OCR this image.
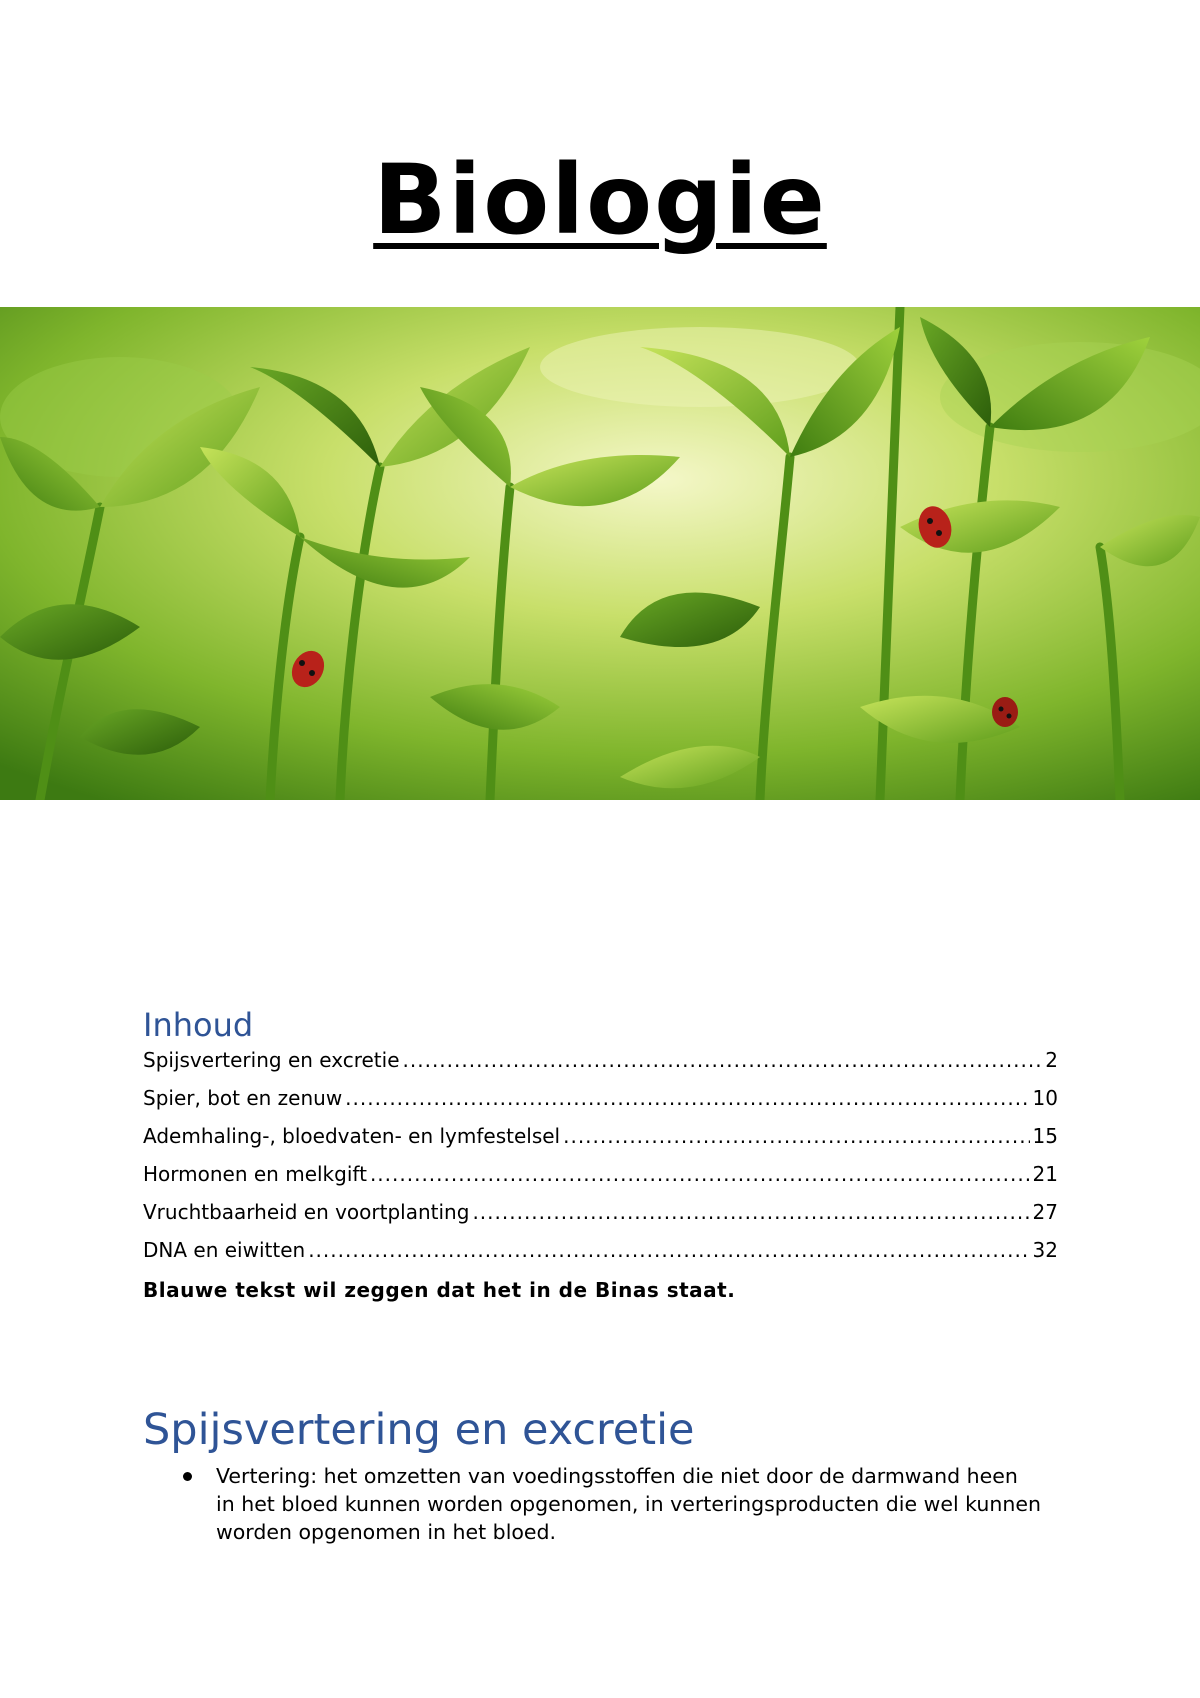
Biologie
Inhoud
Spijsvertering en excretie .....	2
Spier, bot en zenuw .....	10
Ademhaling-, bloedvaten- en lymfestelsel .....	15
Hormonen en melkgift .....	21
Vruchtbaarheid en voortplanting .....	27
DNA en eiwitten .....	32

Blauwe tekst wil zeggen dat het in de Binas staat.

Spijsvertering en excretie
Vertering: het omzetten van voedingsstoffen die niet door de darmwand heen in het bloed kunnen worden opgenomen, in verteringsproducten die wel kunnen worden opgenomen in het bloed.
